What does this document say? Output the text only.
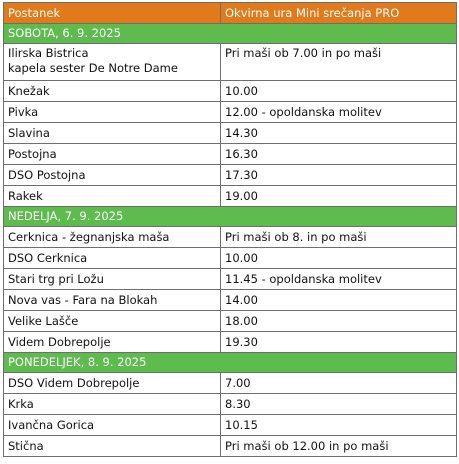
Postanek	Okvirna ura Mini srečanja PRO
SOBOTA, 6. 9. 2025	

Ilirska Bistrica
kapela sester De Notre Dame	Pri maši ob 7.00 in po maši
Knežak	10.00
Pivka	12.00 - opoldanska molitev
Slavina	14.30
Postojna	16.30
DSO Postojna	17.30
Rakek	19.00
NEDELJA, 7. 9. 2025	
Cerknica - žegnanjska maša	Pri maši ob 8. in po maši
DSO Cerknica	10.00
Stari trg pri Ložu	11.45 - opoldanska molitev
Nova vas - Fara na Blokah	14.00
Velike Lašče	18.00
Videm Dobrepolje	19.30
PONEDELJEK, 8. 9. 2025	
DSO Videm Dobrepolje	7.00
Krka	8.30
Ivančna Gorica	10.15
Stična	Pri maši ob 12.00 in po maši
